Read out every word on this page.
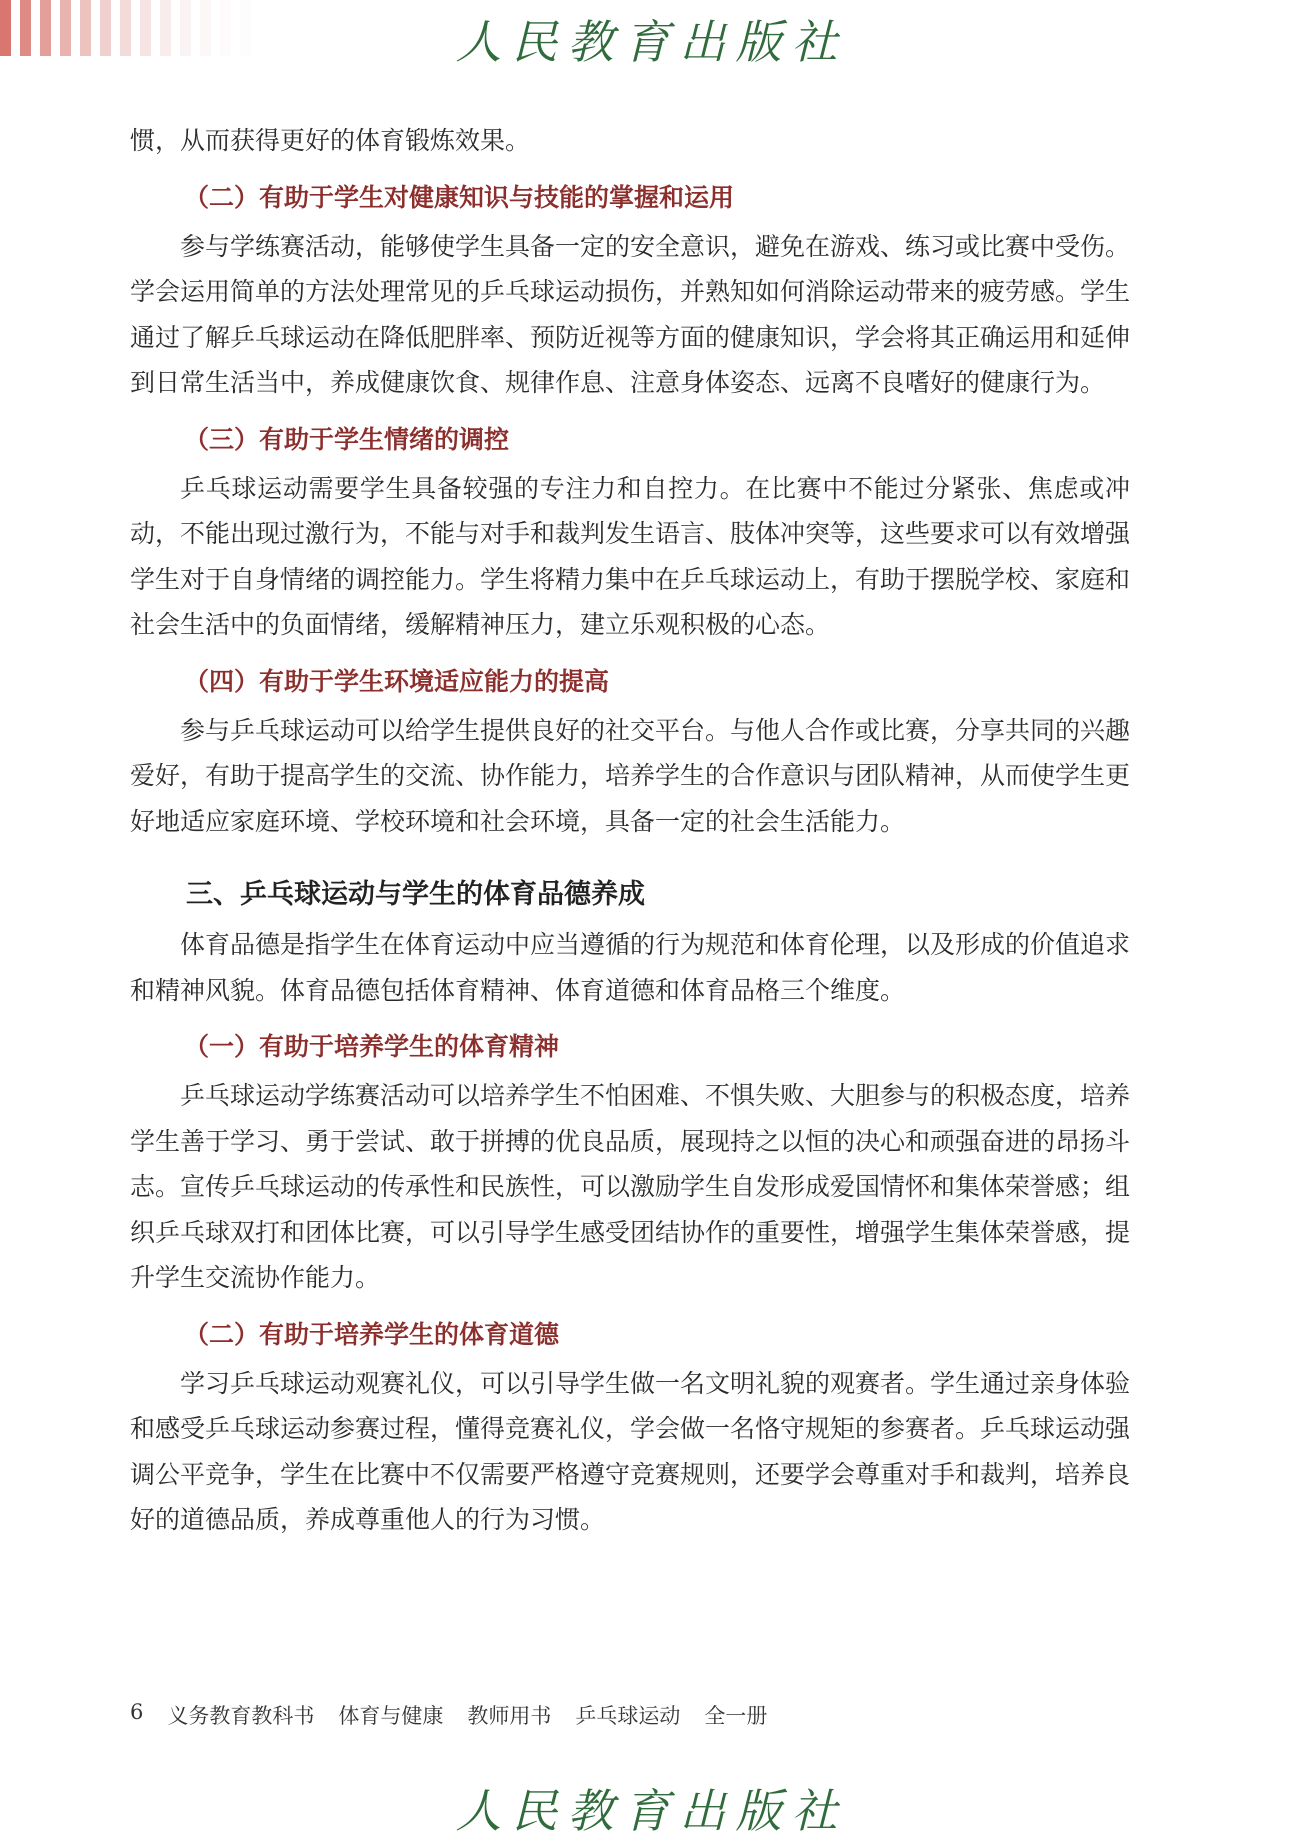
人民教育出版社

惯，从而获得更好的体育锻炼效果。

（二）有助于学生对健康知识与技能的掌握和运用

参与学练赛活动，能够使学生具备一定的安全意识，避免在游戏、练习或比赛中受伤。学会运用简单的方法处理常见的乒乓球运动损伤，并熟知如何消除运动带来的疲劳感。学生通过了解乒乓球运动在降低肥胖率、预防近视等方面的健康知识，学会将其正确运用和延伸到日常生活当中，养成健康饮食、规律作息、注意身体姿态、远离不良嗜好的健康行为。

（三）有助于学生情绪的调控

乒乓球运动需要学生具备较强的专注力和自控力。在比赛中不能过分紧张、焦虑或冲动，不能出现过激行为，不能与对手和裁判发生语言、肢体冲突等，这些要求可以有效增强学生对于自身情绪的调控能力。学生将精力集中在乒乓球运动上，有助于摆脱学校、家庭和社会生活中的负面情绪，缓解精神压力，建立乐观积极的心态。

（四）有助于学生环境适应能力的提高

参与乒乓球运动可以给学生提供良好的社交平台。与他人合作或比赛，分享共同的兴趣爱好，有助于提高学生的交流、协作能力，培养学生的合作意识与团队精神，从而使学生更好地适应家庭环境、学校环境和社会环境，具备一定的社会生活能力。

三、乒乓球运动与学生的体育品德养成

体育品德是指学生在体育运动中应当遵循的行为规范和体育伦理，以及形成的价值追求和精神风貌。体育品德包括体育精神、体育道德和体育品格三个维度。

（一）有助于培养学生的体育精神

乒乓球运动学练赛活动可以培养学生不怕困难、不惧失败、大胆参与的积极态度，培养学生善于学习、勇于尝试、敢于拼搏的优良品质，展现持之以恒的决心和顽强奋进的昂扬斗志。宣传乒乓球运动的传承性和民族性，可以激励学生自发形成爱国情怀和集体荣誉感；组织乒乓球双打和团体比赛，可以引导学生感受团结协作的重要性，增强学生集体荣誉感，提升学生交流协作能力。

（二）有助于培养学生的体育道德

学习乒乓球运动观赛礼仪，可以引导学生做一名文明礼貌的观赛者。学生通过亲身体验和感受乒乓球运动参赛过程，懂得竞赛礼仪，学会做一名恪守规矩的参赛者。乒乓球运动强调公平竞争，学生在比赛中不仅需要严格遵守竞赛规则，还要学会尊重对手和裁判，培养良好的道德品质，养成尊重他人的行为习惯。

6 义务教育教科书 体育与健康 教师用书 乒乓球运动 全一册
人民教育出版社
